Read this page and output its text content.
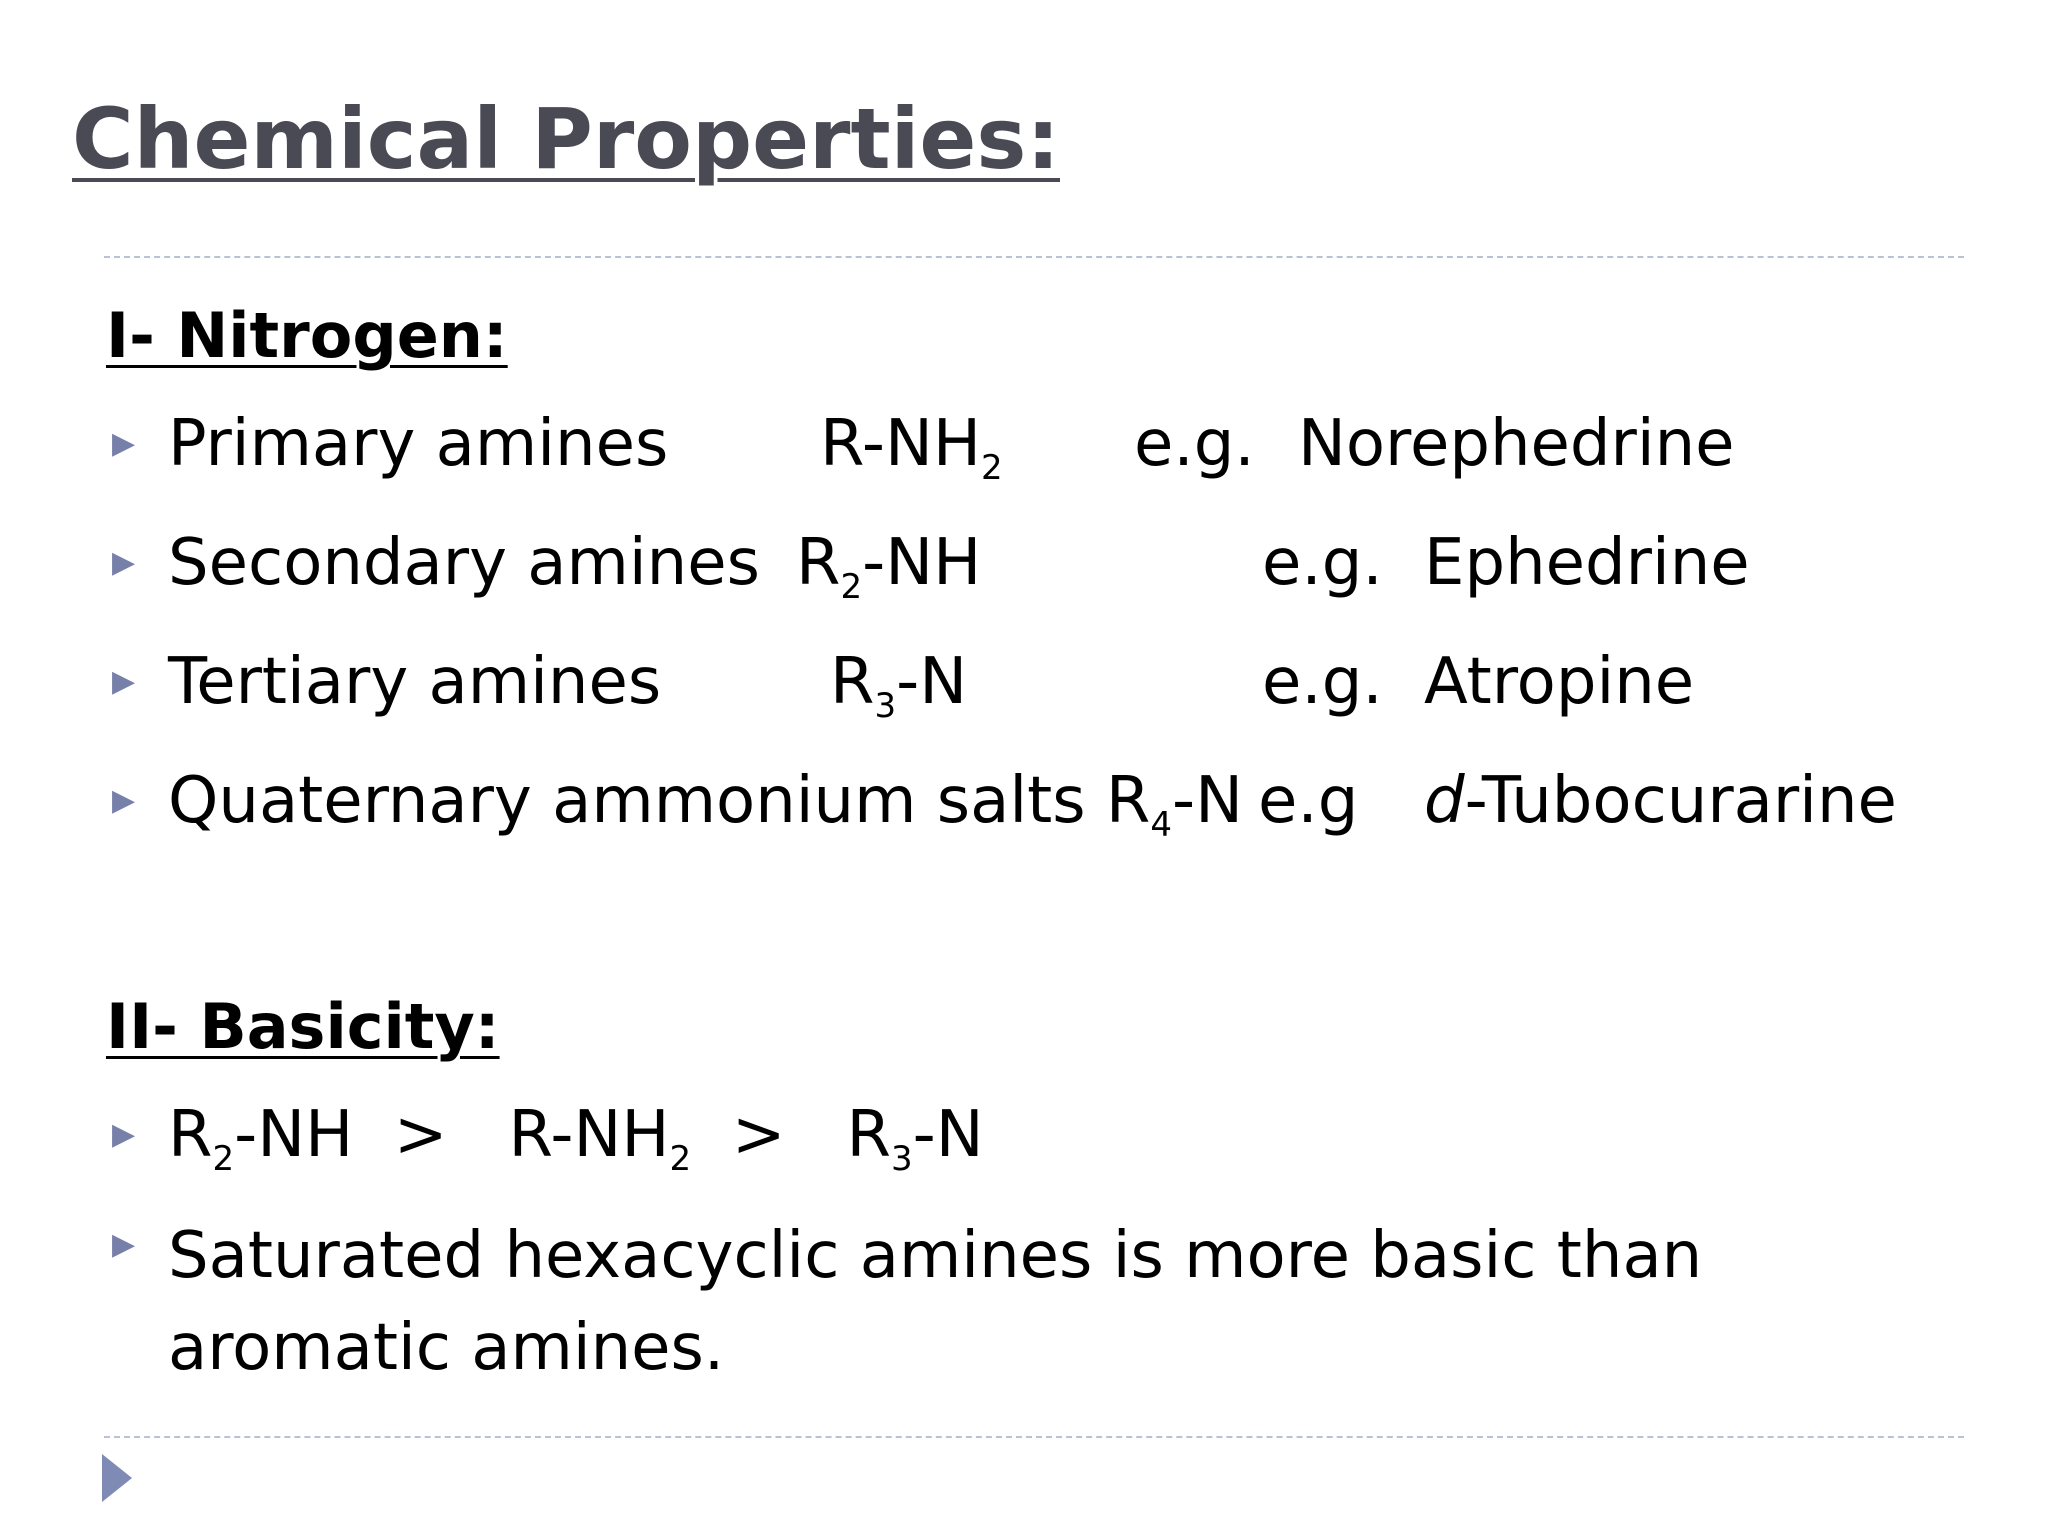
Chemical Properties:
I- Nitrogen:
▶ Primary amines $R-NH_2$ e.g. Norephedrine
▶ Secondary amines $R_2-NH$	e.g. Ephedrine
▶ Tertiary amines	$R_3-N$	e.g. Atropine
▶ Quaternary ammonium salts $R_4-N$ e.g d-Tubocurarine
II- Basicity:
▶ $R_2-NH > R-NH_2 > R_3-N$
▶ Saturated hexacyclic amines is more basic than aromatic amines.
